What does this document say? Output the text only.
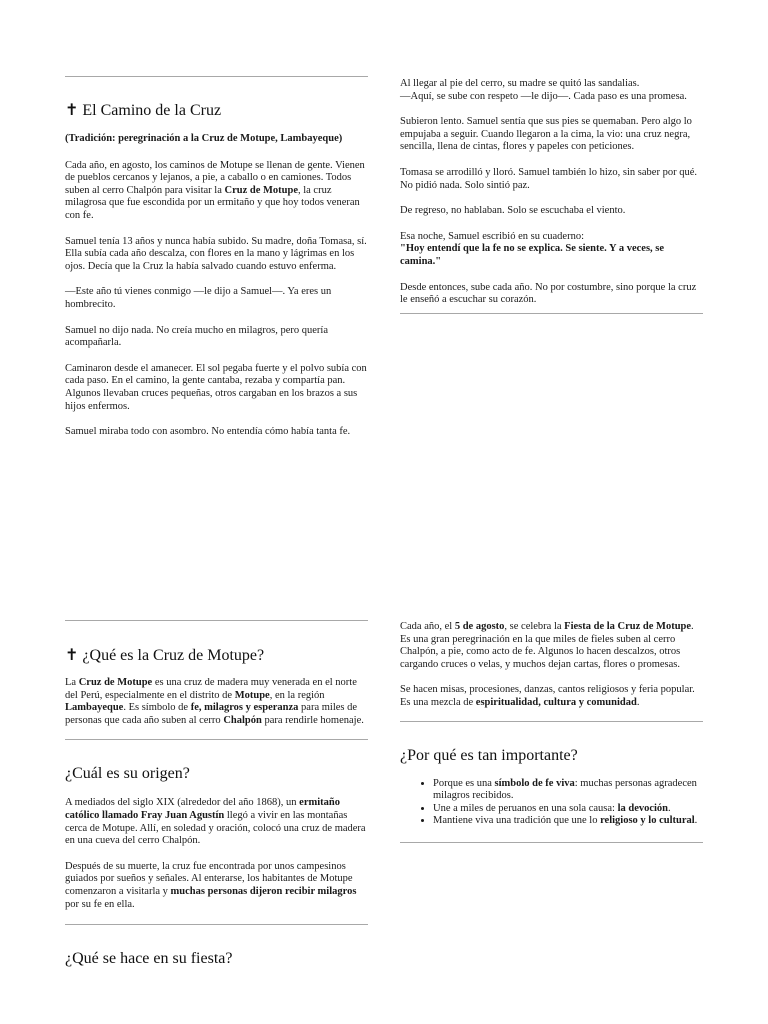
✝ El Camino de la Cruz

(Tradición: peregrinación a la Cruz de Motupe, Lambayeque)

Cada año, en agosto, los caminos de Motupe se llenan de gente. Vienen de pueblos cercanos y lejanos, a pie, a caballo o en camiones. Todos suben al cerro Chalpón para visitar la Cruz de Motupe, la cruz milagrosa que fue escondida por un ermitaño y que hoy todos veneran con fe.

Samuel tenía 13 años y nunca había subido. Su madre, doña Tomasa, sí. Ella subía cada año descalza, con flores en la mano y lágrimas en los ojos. Decía que la Cruz la había salvado cuando estuvo enferma.

—Este año tú vienes conmigo —le dijo a Samuel—. Ya eres un hombrecito.

Samuel no dijo nada. No creía mucho en milagros, pero quería acompañarla.

Caminaron desde el amanecer. El sol pegaba fuerte y el polvo subía con cada paso. En el camino, la gente cantaba, rezaba y compartía pan. Algunos llevaban cruces pequeñas, otros cargaban en los brazos a sus hijos enfermos.

Samuel miraba todo con asombro. No entendía cómo había tanta fe.

Al llegar al pie del cerro, su madre se quitó las sandalias.
—Aquí, se sube con respeto —le dijo—. Cada paso es una promesa.

Subieron lento. Samuel sentía que sus pies se quemaban. Pero algo lo empujaba a seguir. Cuando llegaron a la cima, la vio: una cruz negra, sencilla, llena de cintas, flores y papeles con peticiones.

Tomasa se arrodilló y lloró. Samuel también lo hizo, sin saber por qué.
No pidió nada. Solo sintió paz.

De regreso, no hablaban. Solo se escuchaba el viento.

Esa noche, Samuel escribió en su cuaderno:
"Hoy entendí que la fe no se explica. Se siente. Y a veces, se camina."

Desde entonces, sube cada año. No por costumbre, sino porque la cruz le enseñó a escuchar su corazón.

✝ ¿Qué es la Cruz de Motupe?

La Cruz de Motupe es una cruz de madera muy venerada en el norte del Perú, especialmente en el distrito de Motupe, en la región Lambayeque. Es símbolo de fe, milagros y esperanza para miles de personas que cada año suben al cerro Chalpón para rendirle homenaje.

¿Cuál es su origen?

A mediados del siglo XIX (alrededor del año 1868), un ermitaño católico llamado Fray Juan Agustín llegó a vivir en las montañas cerca de Motupe. Allí, en soledad y oración, colocó una cruz de madera en una cueva del cerro Chalpón.

Después de su muerte, la cruz fue encontrada por unos campesinos guiados por sueños y señales. Al enterarse, los habitantes de Motupe comenzaron a visitarla y muchas personas dijeron recibir milagros por su fe en ella.

¿Qué se hace en su fiesta?

Cada año, el 5 de agosto, se celebra la Fiesta de la Cruz de Motupe. Es una gran peregrinación en la que miles de fieles suben al cerro Chalpón, a pie, como acto de fe. Algunos lo hacen descalzos, otros cargando cruces o velas, y muchos dejan cartas, flores o promesas.

Se hacen misas, procesiones, danzas, cantos religiosos y feria popular. Es una mezcla de espiritualidad, cultura y comunidad.

¿Por qué es tan importante?
• Porque es una símbolo de fe viva: muchas personas agradecen milagros recibidos.
• Une a miles de peruanos en una sola causa: la devoción.
• Mantiene viva una tradición que une lo religioso y lo cultural.
